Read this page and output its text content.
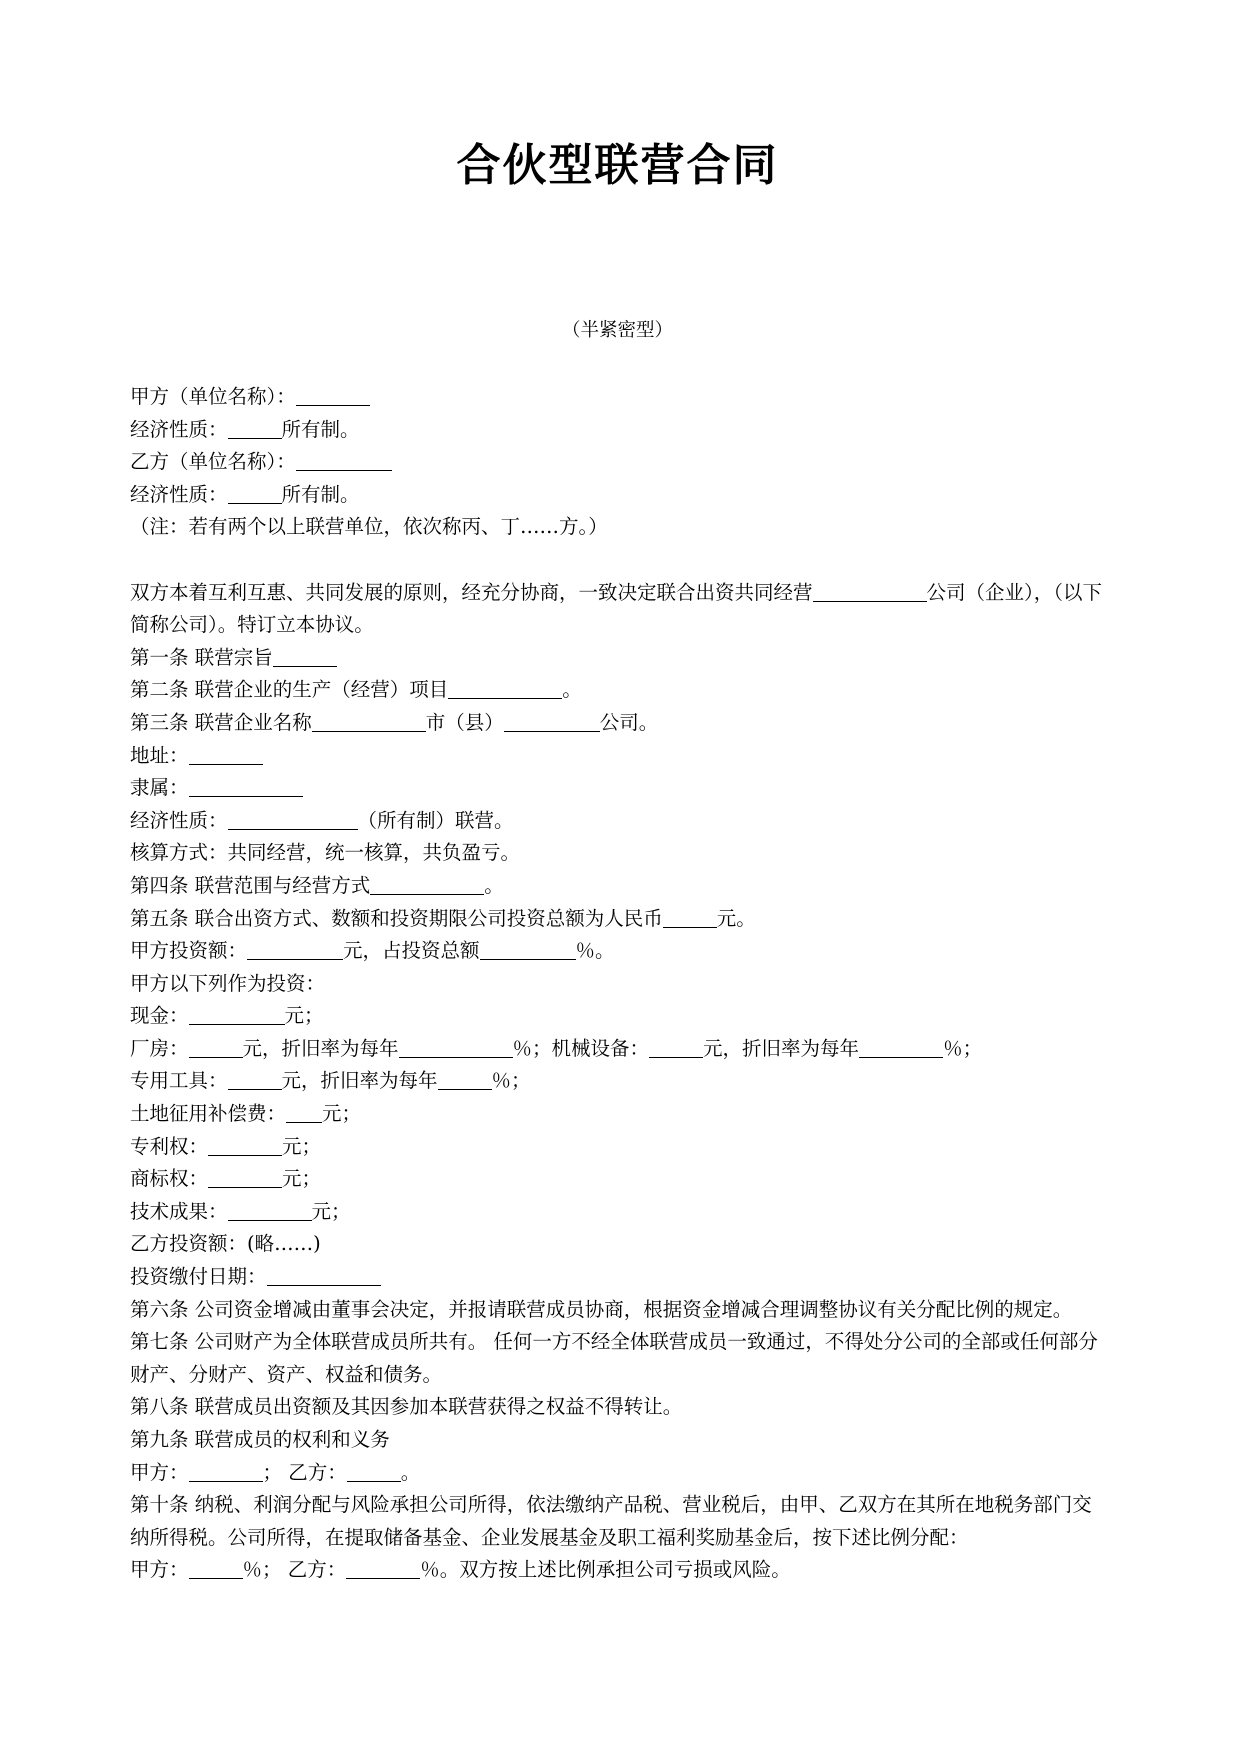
合伙型联营合同
（半紧密型）
甲方（单位名称）：
经济性质：	所有制。
乙方（单位名称）：
经济性质：	所有制。
（注：若有两个以上联营单位，依次称丙、丁……方。）
双方本着互利互惠、共同发展的原则，经充分协商，一致决定联合出资共同经营	公司（企业），（以下简称公司）。特订立本协议。
第一条 联营宗旨
第二条 联营企业的生产（经营）项目	。
第三条 联营企业名称	市（县）	公司。
地址：
隶属：
经济性质：	（所有制）联营。
核算方式：共同经营，统一核算，共负盈亏。
第四条 联营范围与经营方式	。
第五条 联合出资方式、数额和投资期限公司投资总额为人民币	元。
甲方投资额：	元，占投资总额	％。
甲方以下列作为投资：
现金：	元；
厂房：	元，折旧率为每年	％；机械设备：	元，折旧率为每年	％；
专用工具：	元，折旧率为每年	％；
土地征用补偿费： 元；
专利权：	元；
商标权：	元；
技术成果：	元；
乙方投资额：(略……)
投资缴付日期：
第六条 公司资金增减由董事会决定，并报请联营成员协商，根据资金增减合理调整协议有关分配比例的规定。
第七条 公司财产为全体联营成员所共有。 任何一方不经全体联营成员一致通过，不得处分公司的全部或任何部分财产、分财产、资产、权益和债务。
第八条 联营成员出资额及其因参加本联营获得之权益不得转让。
第九条 联营成员的权利和义务
甲方：	； 乙方：	。
第十条 纳税、利润分配与风险承担公司所得，依法缴纳产品税、营业税后，由甲、乙双方在其所在地税务部门交纳所得税。公司所得，在提取储备基金、企业发展基金及职工福利奖励基金后，按下述比例分配：
甲方：	％； 乙方：	％。双方按上述比例承担公司亏损或风险。
